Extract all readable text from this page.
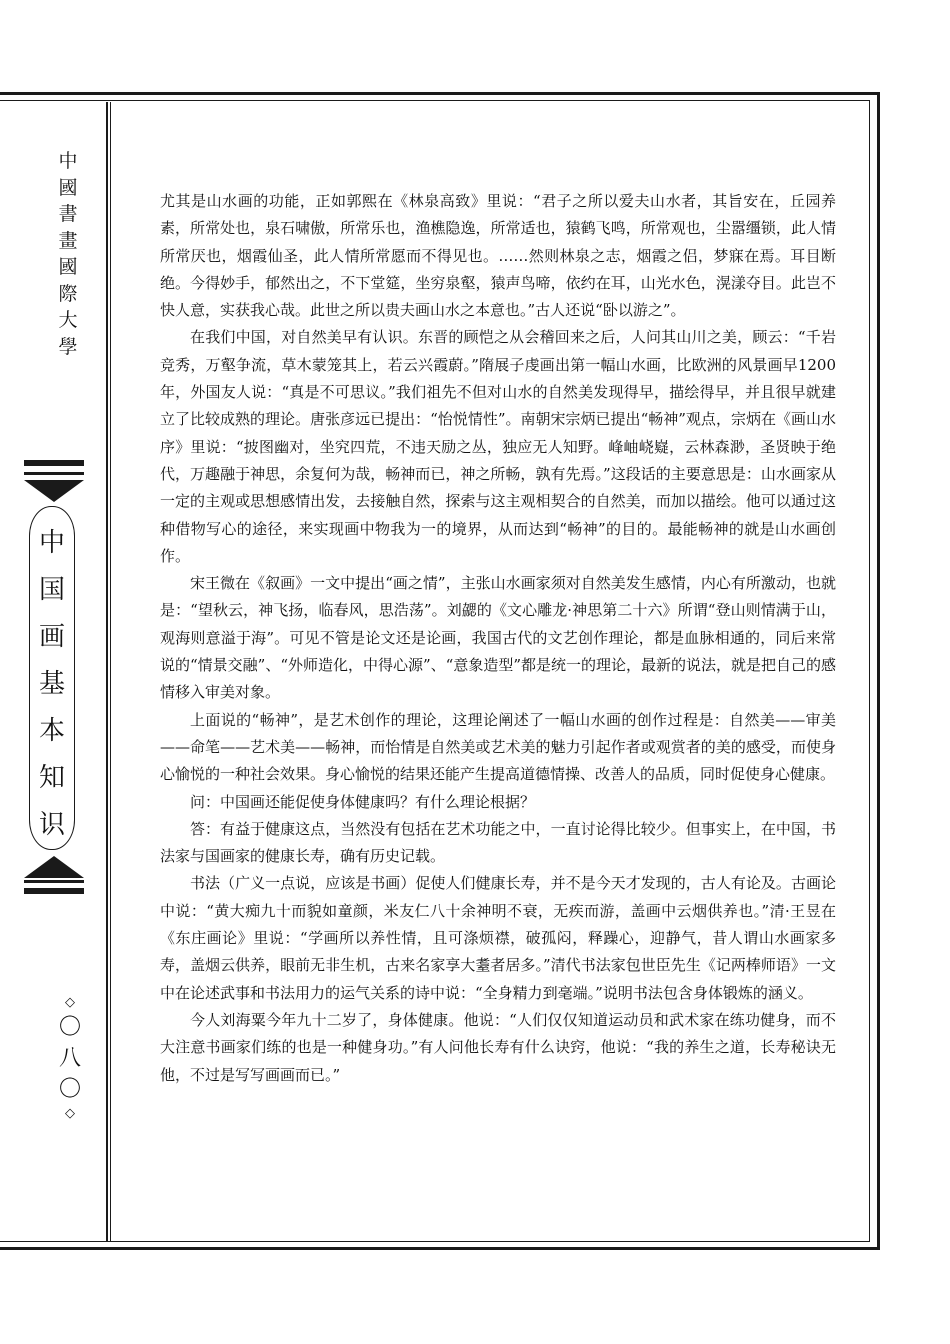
中
國
書
畫
國
際
大
學
中
国
画
基
本
知
识
◇
〇
八
〇
◇

尤其是山水画的功能，正如郭熙在《林泉高致》里说：“君子之所以爱夫山水者，其旨安在，丘园养素，所常处也，泉石啸傲，所常乐也，渔樵隐逸，所常适也，猿鹤飞鸣，所常观也，尘嚣缰锁，此人情所常厌也，烟霞仙圣，此人情所常愿而不得见也。……然则林泉之志，烟霞之侣，梦寐在焉。耳目断绝。今得妙手，郁然出之，不下堂筵，坐穷泉壑，猿声鸟啼，依约在耳，山光水色，滉漾夺目。此岂不快人意，实获我心哉。此世之所以贵夫画山水之本意也。”古人还说“卧以游之”。

在我们中国，对自然美早有认识。东晋的顾恺之从会稽回来之后，人问其山川之美，顾云：“千岩竞秀，万壑争流，草木蒙笼其上，若云兴霞蔚。”隋展子虔画出第一幅山水画，比欧洲的风景画早1200年，外国友人说：“真是不可思议。”我们祖先不但对山水的自然美发现得早，描绘得早，并且很早就建立了比较成熟的理论。唐张彦远已提出：“怡悦情性”。南朝宋宗炳已提出“畅神”观点，宗炳在《画山水序》里说：“披图幽对，坐究四荒，不违天励之丛，独应无人知野。峰岫峣嶷，云林森渺，圣贤映于绝代，万趣融于神思，余复何为哉，畅神而已，神之所畅，孰有先焉。”这段话的主要意思是：山水画家从一定的主观或思想感情出发，去接触自然，探索与这主观相契合的自然美，而加以描绘。他可以通过这种借物写心的途径，来实现画中物我为一的境界，从而达到“畅神”的目的。最能畅神的就是山水画创作。

宋王微在《叙画》一文中提出“画之情”，主张山水画家须对自然美发生感情，内心有所激动，也就是：“望秋云，神飞扬，临春风，思浩荡”。刘勰的《文心雕龙·神思第二十六》所谓“登山则情满于山，观海则意溢于海”。可见不管是论文还是论画，我国古代的文艺创作理论，都是血脉相通的，同后来常说的“情景交融”、“外师造化，中得心源”、“意象造型”都是统一的理论，最新的说法，就是把自己的感情移入审美对象。

上面说的“畅神”，是艺术创作的理论，这理论阐述了一幅山水画的创作过程是：自然美——审美——命笔——艺术美——畅神，而怡情是自然美或艺术美的魅力引起作者或观赏者的美的感受，而使身心愉悦的一种社会效果。身心愉悦的结果还能产生提高道德情操、改善人的品质，同时促使身心健康。

问：中国画还能促使身体健康吗？有什么理论根据？

答：有益于健康这点，当然没有包括在艺术功能之中，一直讨论得比较少。但事实上，在中国，书法家与国画家的健康长寿，确有历史记载。

书法（广义一点说，应该是书画）促使人们健康长寿，并不是今天才发现的，古人有论及。古画论中说：“黄大痴九十而貌如童颜，米友仁八十余神明不衰，无疾而游，盖画中云烟供养也。”清·王昱在《东庄画论》里说：“学画所以养性情，且可涤烦襟，破孤闷，释躁心，迎静气，昔人谓山水画家多寿，盖烟云供养，眼前无非生机，古来名家享大耋者居多。”清代书法家包世臣先生《记两棒师语》一文中在论述武事和书法用力的运气关系的诗中说：“全身精力到毫端。”说明书法包含身体锻炼的涵义。

今人刘海粟今年九十二岁了，身体健康。他说：“人们仅仅知道运动员和武术家在练功健身，而不大注意书画家们练的也是一种健身功。”有人问他长寿有什么诀窍，他说：“我的养生之道，长寿秘诀无他，不过是写写画画而已。”
